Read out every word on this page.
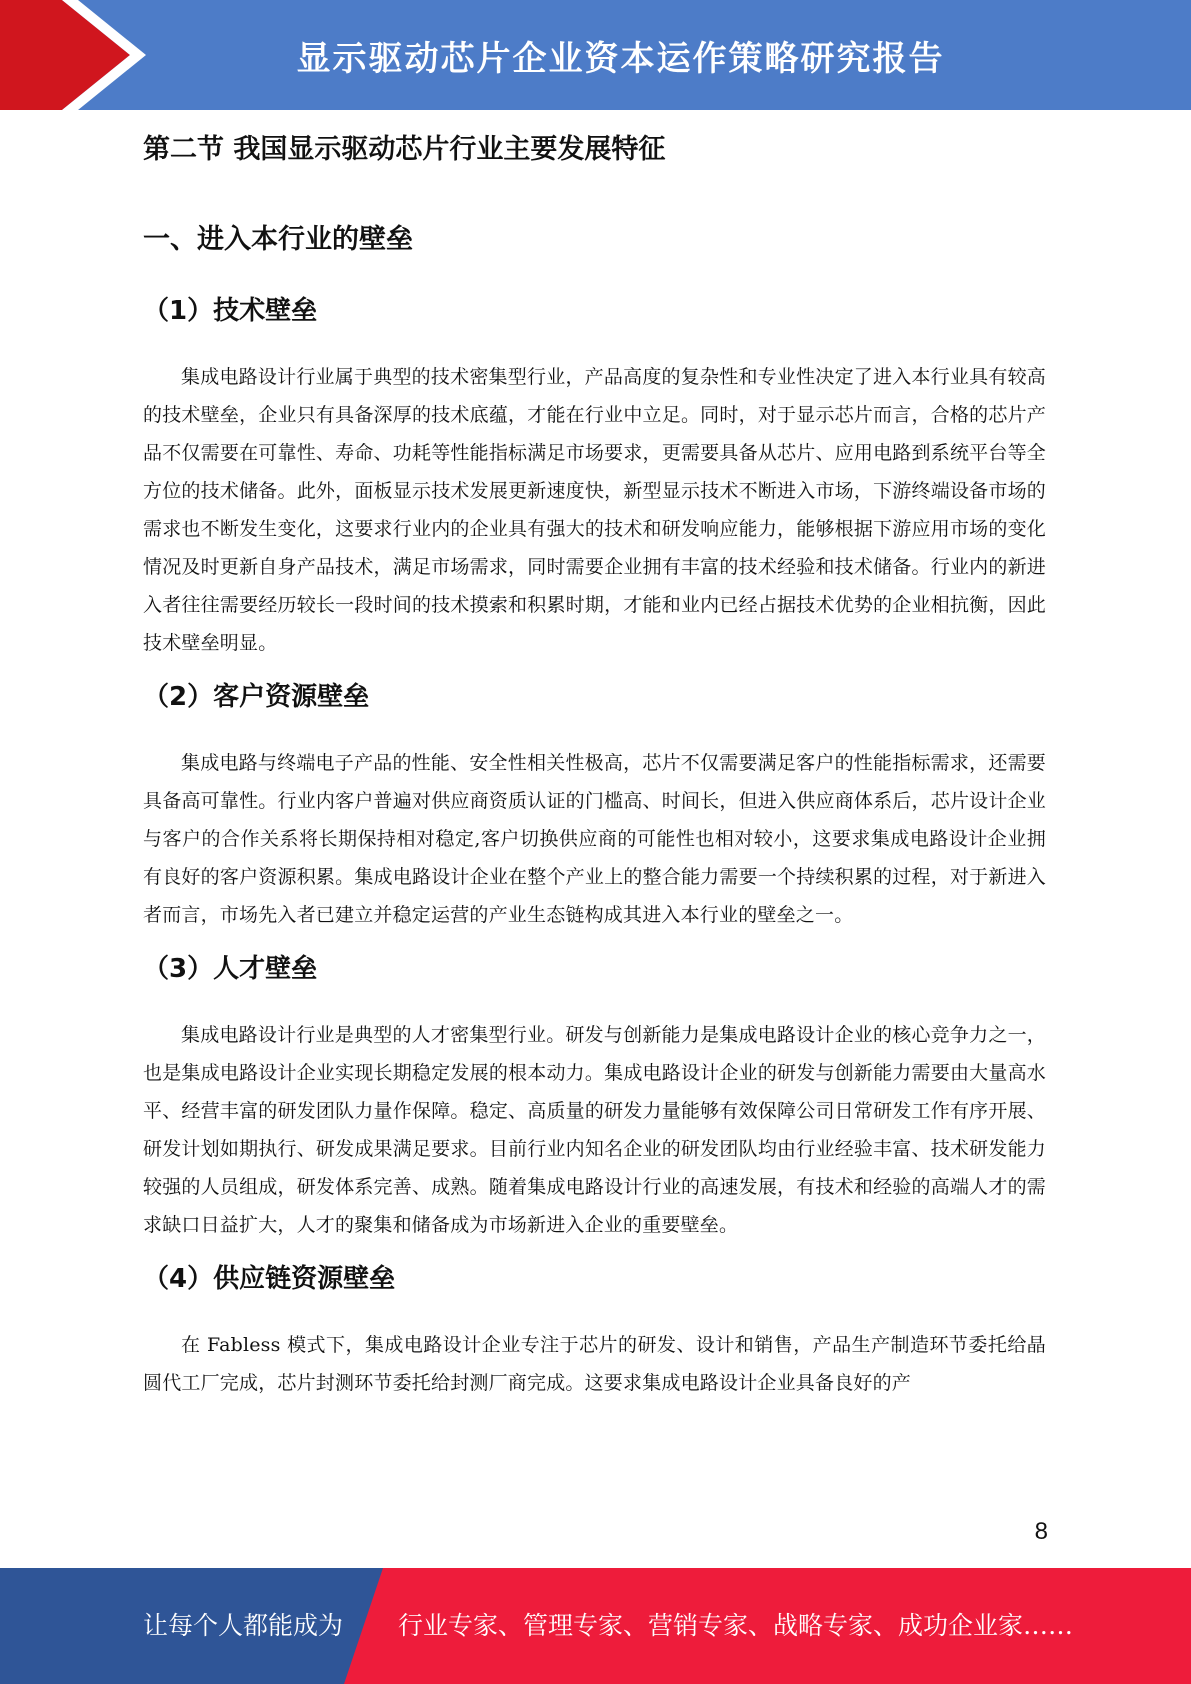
显示驱动芯片企业资本运作策略研究报告
第二节 我国显示驱动芯片行业主要发展特征
一、进入本行业的壁垒
（1）技术壁垒

集成电路设计行业属于典型的技术密集型行业，产品高度的复杂性和专业性决定了进入本行业具有较高的技术壁垒，企业只有具备深厚的技术底蕴，才能在行业中立足。同时，对于显示芯片而言，合格的芯片产品不仅需要在可靠性、寿命、功耗等性能指标满足市场要求，更需要具备从芯片、应用电路到系统平台等全方位的技术储备。此外，面板显示技术发展更新速度快，新型显示技术不断进入市场，下游终端设备市场的需求也不断发生变化，这要求行业内的企业具有强大的技术和研发响应能力，能够根据下游应用市场的变化情况及时更新自身产品技术，满足市场需求，同时需要企业拥有丰富的技术经验和技术储备。行业内的新进入者往往需要经历较长一段时间的技术摸索和积累时期，才能和业内已经占据技术优势的企业相抗衡，因此技术壁垒明显。

（2）客户资源壁垒

集成电路与终端电子产品的性能、安全性相关性极高，芯片不仅需要满足客户的性能指标需求，还需要具备高可靠性。行业内客户普遍对供应商资质认证的门槛高、时间长，但进入供应商体系后，芯片设计企业与客户的合作关系将长期保持相对稳定,客户切换供应商的可能性也相对较小，这要求集成电路设计企业拥有良好的客户资源积累。集成电路设计企业在整个产业上的整合能力需要一个持续积累的过程，对于新进入者而言，市场先入者已建立并稳定运营的产业生态链构成其进入本行业的壁垒之一。

（3）人才壁垒

集成电路设计行业是典型的人才密集型行业。研发与创新能力是集成电路设计企业的核心竞争力之一，也是集成电路设计企业实现长期稳定发展的根本动力。集成电路设计企业的研发与创新能力需要由大量高水平、经营丰富的研发团队力量作保障。稳定、高质量的研发力量能够有效保障公司日常研发工作有序开展、研发计划如期执行、研发成果满足要求。目前行业内知名企业的研发团队均由行业经验丰富、技术研发能力较强的人员组成，研发体系完善、成熟。随着集成电路设计行业的高速发展，有技术和经验的高端人才的需求缺口日益扩大，人才的聚集和储备成为市场新进入企业的重要壁垒。

（4）供应链资源壁垒

在 Fabless 模式下，集成电路设计企业专注于芯片的研发、设计和销售，产品生产制造环节委托给晶圆代工厂完成，芯片封测环节委托给封测厂商完成。这要求集成电路设计企业具备良好的产

8
让每个人都能成为 行业专家、管理专家、营销专家、战略专家、成功企业家……
